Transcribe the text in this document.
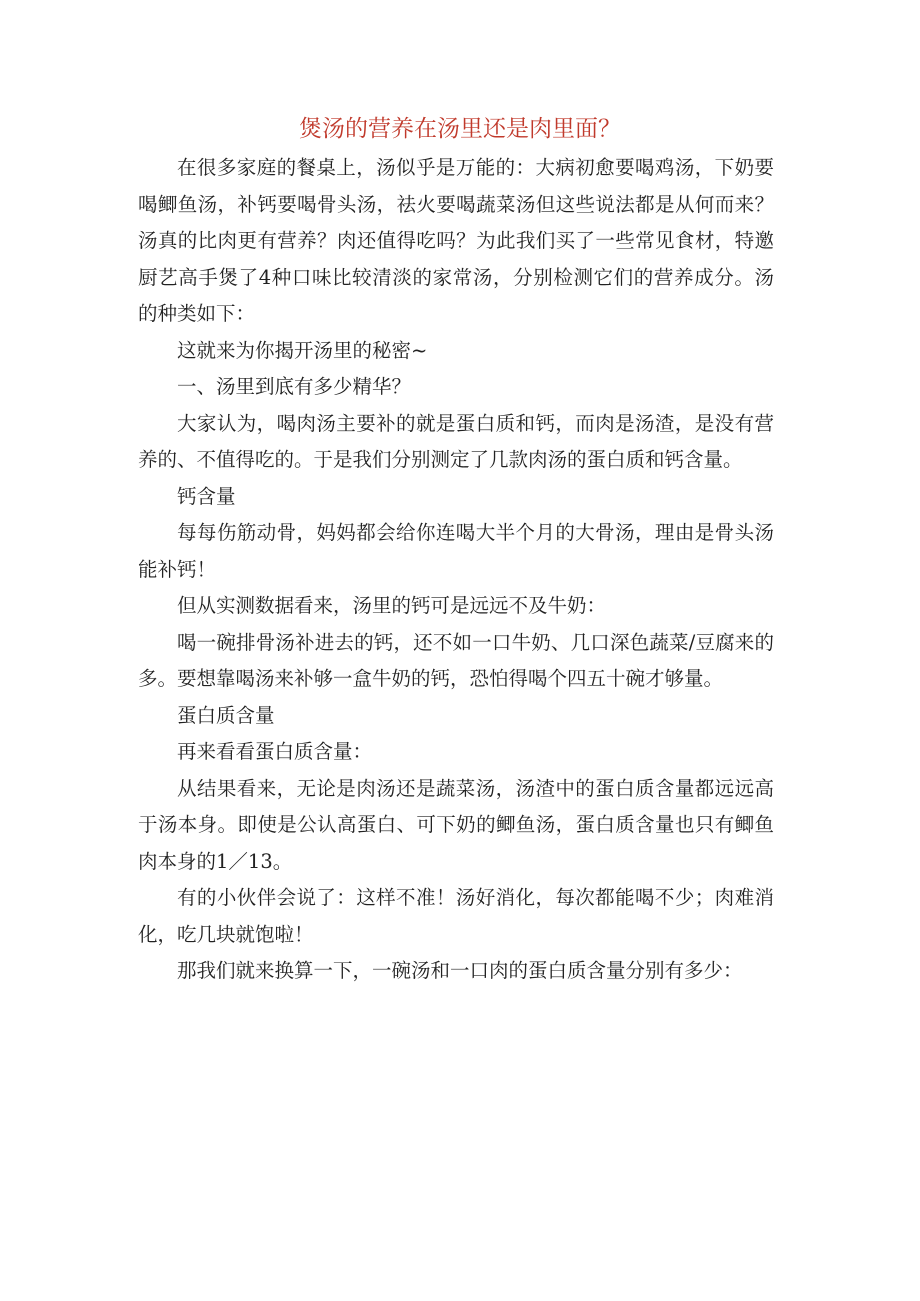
煲汤的营养在汤里还是肉里面？

在很多家庭的餐桌上，汤似乎是万能的：大病初愈要喝鸡汤，下奶要喝鲫鱼汤，补钙要喝骨头汤，祛火要喝蔬菜汤但这些说法都是从何而来？汤真的比肉更有营养？肉还值得吃吗？为此我们买了一些常见食材，特邀厨艺高手煲了4种口味比较清淡的家常汤，分别检测它们的营养成分。汤的种类如下：

这就来为你揭开汤里的秘密~

一、汤里到底有多少精华？

大家认为，喝肉汤主要补的就是蛋白质和钙，而肉是汤渣，是没有营养的、不值得吃的。于是我们分别测定了几款肉汤的蛋白质和钙含量。

钙含量

每每伤筋动骨，妈妈都会给你连喝大半个月的大骨汤，理由是骨头汤能补钙！

但从实测数据看来，汤里的钙可是远远不及牛奶：

喝一碗排骨汤补进去的钙，还不如一口牛奶、几口深色蔬菜/豆腐来的多。要想靠喝汤来补够一盒牛奶的钙，恐怕得喝个四五十碗才够量。

蛋白质含量

再来看看蛋白质含量：

从结果看来，无论是肉汤还是蔬菜汤，汤渣中的蛋白质含量都远远高于汤本身。即使是公认高蛋白、可下奶的鲫鱼汤，蛋白质含量也只有鲫鱼肉本身的1／13。

有的小伙伴会说了：这样不准！汤好消化，每次都能喝不少；肉难消化，吃几块就饱啦！

那我们就来换算一下，一碗汤和一口肉的蛋白质含量分别有多少：
